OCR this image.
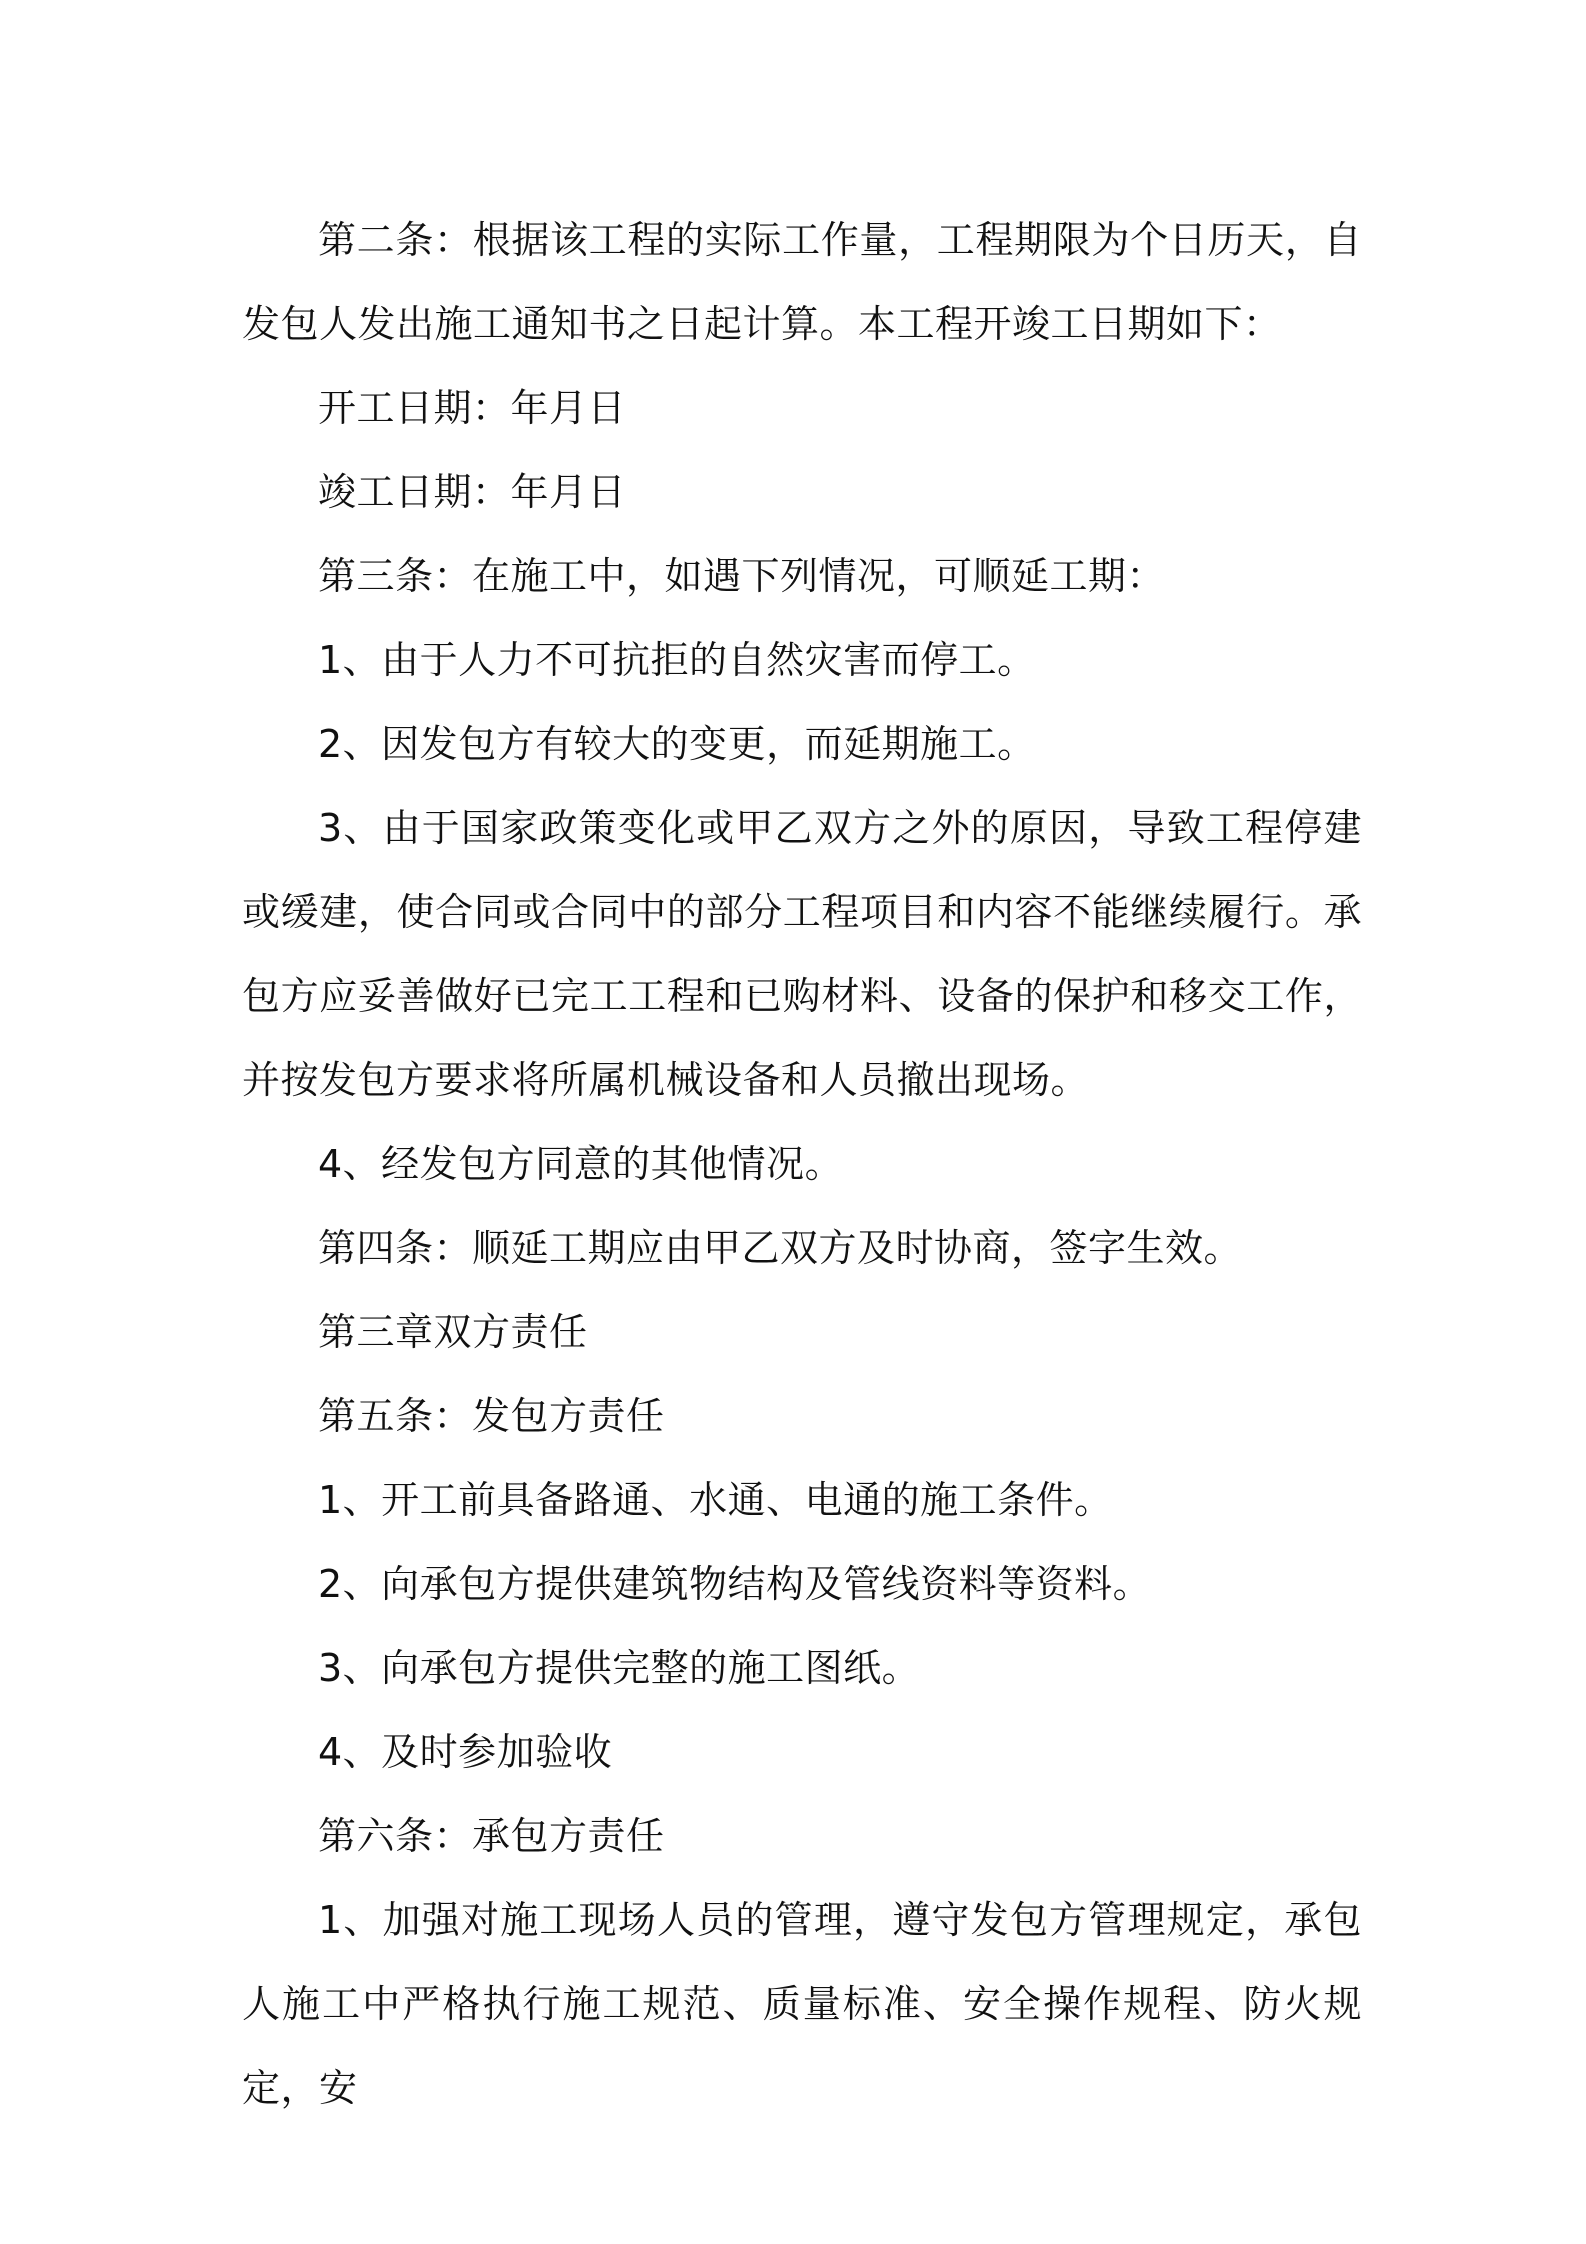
第二条：根据该工程的实际工作量，工程期限为个日历天，自发包人发出施工通知书之日起计算。本工程开竣工日期如下：

开工日期：年月日

竣工日期：年月日

第三条：在施工中，如遇下列情况，可顺延工期：

1、由于人力不可抗拒的自然灾害而停工。

2、因发包方有较大的变更，而延期施工。

3、由于国家政策变化或甲乙双方之外的原因，导致工程停建或缓建，使合同或合同中的部分工程项目和内容不能继续履行。承包方应妥善做好已完工工程和已购材料、设备的保护和移交工作，并按发包方要求将所属机械设备和人员撤出现场。

4、经发包方同意的其他情况。

第四条：顺延工期应由甲乙双方及时协商，签字生效。

第三章双方责任

第五条：发包方责任

1、开工前具备路通、水通、电通的施工条件。

2、向承包方提供建筑物结构及管线资料等资料。

3、向承包方提供完整的施工图纸。

4、及时参加验收

第六条：承包方责任

1、加强对施工现场人员的管理，遵守发包方管理规定，承包人施工中严格执行施工规范、质量标准、安全操作规程、防火规定，安
